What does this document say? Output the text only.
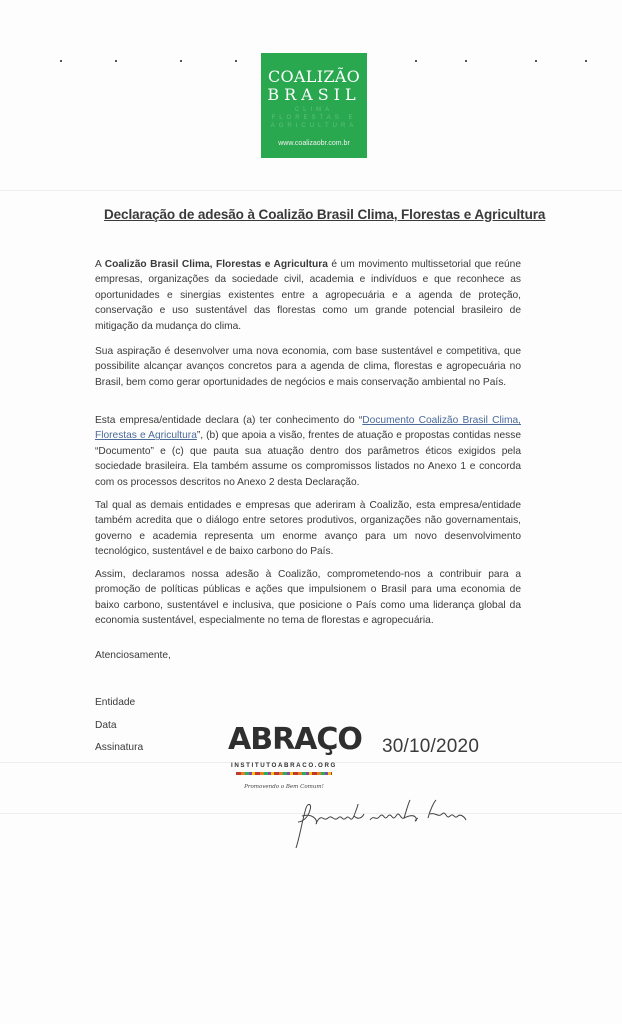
COALIZÃO
BRASIL
CLIMA
FLORESTAS E
AGRICULTURA
www.coalizaobr.com.br
Declaração de adesão à Coalizão Brasil Clima, Florestas e Agricultura
A Coalizão Brasil Clima, Florestas e Agricultura é um movimento multissetorial que reúne empresas, organizações da sociedade civil, academia e indivíduos e que reconhece as oportunidades e sinergias existentes entre a agropecuária e a agenda de proteção, conservação e uso sustentável das florestas como um grande potencial brasileiro de mitigação da mudança do clima.
Sua aspiração é desenvolver uma nova economia, com base sustentável e competitiva, que possibilite alcançar avanços concretos para a agenda de clima, florestas e agropecuária no Brasil, bem como gerar oportunidades de negócios e mais conservação ambiental no País.
Esta empresa/entidade declara (a) ter conhecimento do “Documento Coalizão Brasil Clima, Florestas e Agricultura”, (b) que apoia a visão, frentes de atuação e propostas contidas nesse “Documento” e (c) que pauta sua atuação dentro dos parâmetros éticos exigidos pela sociedade brasileira. Ela também assume os compromissos listados no Anexo 1 e concorda com os processos descritos no Anexo 2 desta Declaração.
Tal qual as demais entidades e empresas que aderiram à Coalizão, esta empresa/entidade também acredita que o diálogo entre setores produtivos, organizações não governamentais, governo e academia representa um enorme avanço para um novo desenvolvimento tecnológico, sustentável e de baixo carbono do País.
Assim, declaramos nossa adesão à Coalizão, comprometendo-nos a contribuir para a promoção de políticas públicas e ações que impulsionem o Brasil para uma economia de baixo carbono, sustentável e inclusiva, que posicione o País como uma liderança global da economia sustentável, especialmente no tema de florestas e agropecuária.
Atenciosamente,
Entidade
Data
Assinatura	ABRAÇO
INSTITUTOABRACO.ORG
Promovendo o Bem Comum!
30/10/2020
